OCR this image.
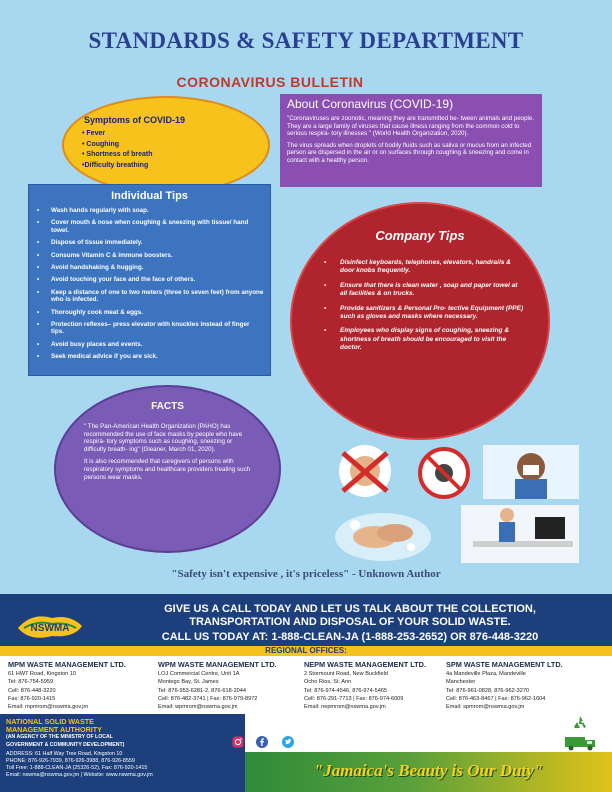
STANDARDS & SAFETY DEPARTMENT
CORONAVIRUS BULLETIN
Symptoms of COVID-19
• Fever
• Coughing
• Shortness of breath
•Difficulty breathing
About Coronavirus (COVID-19)

"Coronaviruses are zoonotic, meaning they are transmitted be- tween animals and people. They are a large family of viruses that cause illness ranging from the common cold to serious respira- tory illnesses " (World Health Organization, 2020).

The virus spreads when droplets of bodily fluids such as saliva or mucus from an infected person are dispersed in the air or on surfaces through coughing & sneezing and come in contact with a healthy person.

Individual Tips
• Wash hands regularly with soap.
• Cover mouth & nose when coughing & sneezing with tissue/ hand towel.
• Dispose of tissue immediately.
• Consume Vitamin C & immune boosters.
• Avoid handshaking & hugging.
• Avoid touching your face and the face of others.
• Keep a distance of one to two meters (three to seven feet) from anyone who is infected.
• Thoroughly cook meat & eggs.
• Protection reflexes– press elevator with knuckles instead of finger tips.
• Avoid busy places and events.
• Seek medical advice if you are sick.
Company Tips
• Disinfect keyboards, telephones, elevators, handrails & door knobs frequently.
• Ensure that there is clean water , soap and paper towel at all facilities & on trucks.
• Provide sanitizers & Personal Pro- tective Equipment (PPE) such as gloves and masks where necessary.
• Employees who display signs of coughing, sneezing & shortness of breath should be encouraged to visit the doctor.
FACTS

" The Pan-American Health Organization (PAHO) has recommended the use of face masks by people who have respira- tory symptoms such as coughing, sneezing or difficulty breath- ing" (Gleaner, March 01, 2020).

It is also recommended that caregivers of persons with respiratory symptoms and healthcare providers treating such persons wear masks.

"Safety isn't expensive , it's priceless" - Unknown Author
NSWMA
GIVE US A CALL TODAY AND LET US TALK ABOUT THE COLLECTION,
TRANSPORTATION AND DISPOSAL OF YOUR SOLID WASTE.
CALL US TODAY AT: 1-888-CLEAN-JA (1-888-253-2652) OR 876-448-3220
REGIONAL OFFICES:
MPM WASTE MANAGEMENT LTD.
61 HWT Road, Kingston 10
Tel: 876-754-5959
Cell: 876-448-3220
Fax: 876-920-1415
Email: mpmrom@nswma.gov.jm
WPM WASTE MANAGEMENT LTD.
LOJ Commercial Centre, Unit 1A
Montego Bay, St. James
Tel: 876-953-6281-2, 876-618-2044
Cell: 876-482-3741 | Fax: 876-979-8972
Email: wpmrom@nswma.gov.jm
NEPM WASTE MANAGEMENT LTD.
2 Stormount Road, New Buckfield
Ocho Rios, St. Ann
Tel: 876-974-4546, 876-974-5465
Cell: 876-291-7713 | Fax: 876-974-6009
Email: nepmrom@nswma.gov.jm
SPM WASTE MANAGEMENT LTD.
4a Mandeville Plaza, Mandeville
Manchester
Tel: 876-961-0828, 876-962-3270
Cell: 876-463-8467 | Fax: 876-962-1604
Email: spmrom@nswma.gov.jm
NATIONAL SOLID WASTE
MANAGEMENT AUTHORITY
(AN AGENCY OF THE MINISTRY OF LOCAL
GOVERNMENT & COMMUNITY DEVELOPMENT)
ADDRESS: 61 Half Way Tree Road, Kingston 10
PHONE: 876-926-7939, 876-926-3988, 876-926-8559
Toll Free: 1-888-CLEAN-JA (25326-52), Fax: 876-920-1415
Email: nswma@nswma.gov.jm | Website: www.nswma.gov.jm	"Jamaica's Beauty is Our Duty"
